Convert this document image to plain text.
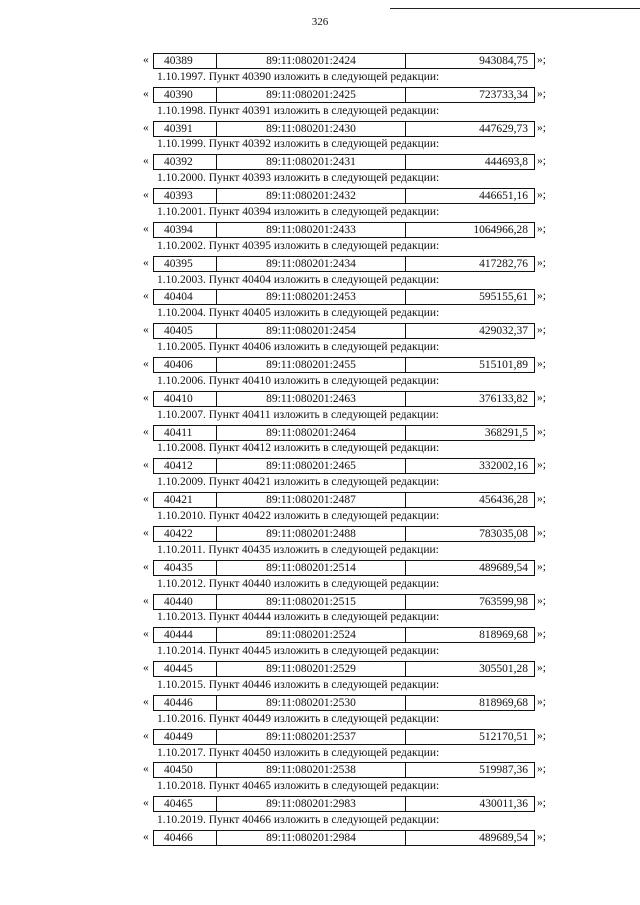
326
«	40389	89:11:080201:2424	943084,75 »;
1.10.1997. Пункт 40390 изложить в следующей редакции:
«	40390	89:11:080201:2425	723733,34 »;
1.10.1998. Пункт 40391 изложить в следующей редакции:
«	40391	89:11:080201:2430	447629,73 »;
1.10.1999. Пункт 40392 изложить в следующей редакции:
«	40392	89:11:080201:2431	444693,8 »;
1.10.2000. Пункт 40393 изложить в следующей редакции:
«	40393	89:11:080201:2432	446651,16 »;
1.10.2001. Пункт 40394 изложить в следующей редакции:
«	40394	89:11:080201:2433	1064966,28 »;
1.10.2002. Пункт 40395 изложить в следующей редакции:
«	40395	89:11:080201:2434	417282,76 »;
1.10.2003. Пункт 40404 изложить в следующей редакции:
«	40404	89:11:080201:2453	595155,61 »;
1.10.2004. Пункт 40405 изложить в следующей редакции:
«	40405	89:11:080201:2454	429032,37 »;
1.10.2005. Пункт 40406 изложить в следующей редакции:
«	40406	89:11:080201:2455	515101,89 »;
1.10.2006. Пункт 40410 изложить в следующей редакции:
«	40410	89:11:080201:2463	376133,82 »;
1.10.2007. Пункт 40411 изложить в следующей редакции:
«	40411	89:11:080201:2464	368291,5 »;
1.10.2008. Пункт 40412 изложить в следующей редакции:
«	40412	89:11:080201:2465	332002,16 »;
1.10.2009. Пункт 40421 изложить в следующей редакции:
«	40421	89:11:080201:2487	456436,28 »;
1.10.2010. Пункт 40422 изложить в следующей редакции:
«	40422	89:11:080201:2488	783035,08 »;
1.10.2011. Пункт 40435 изложить в следующей редакции:
«	40435	89:11:080201:2514	489689,54 »;
1.10.2012. Пункт 40440 изложить в следующей редакции:
«	40440	89:11:080201:2515	763599,98 »;
1.10.2013. Пункт 40444 изложить в следующей редакции:
«	40444	89:11:080201:2524	818969,68 »;
1.10.2014. Пункт 40445 изложить в следующей редакции:
«	40445	89:11:080201:2529	305501,28 »;
1.10.2015. Пункт 40446 изложить в следующей редакции:
«	40446	89:11:080201:2530	818969,68 »;
1.10.2016. Пункт 40449 изложить в следующей редакции:
«	40449	89:11:080201:2537	512170,51 »;
1.10.2017. Пункт 40450 изложить в следующей редакции:
«	40450	89:11:080201:2538	519987,36 »;
1.10.2018. Пункт 40465 изложить в следующей редакции:
«	40465	89:11:080201:2983	430011,36 »;
1.10.2019. Пункт 40466 изложить в следующей редакции:
«	40466	89:11:080201:2984	489689,54 »;
